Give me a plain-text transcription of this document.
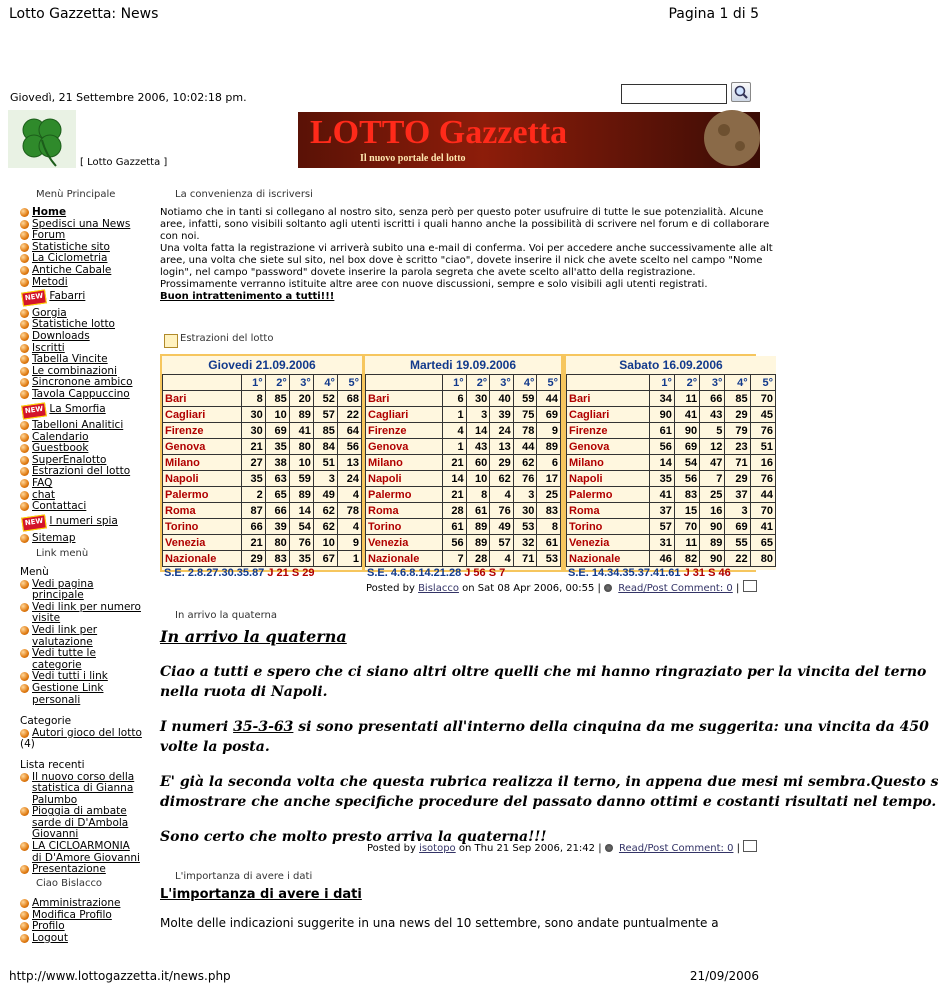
Lotto Gazzetta: News	Pagina 1 di 5
Giovedì, 21 Settembre 2006, 10:02:18 pm.
[ Lotto Gazzetta ]
LOTTO Gazzetta
Il nuovo portale del lotto
Menù Principale
Home
Spedisci una News
Forum
Statistiche sito
La Ciclometria
Antiche Cabale
Metodi
NEW Fabarri
Gorgia
Statistiche lotto
Downloads
Iscritti
Tabella Vincite
Le combinazioni
Sincronone ambico
Tavola Cappuccino
NEW La Smorfia
Tabelloni Analitici
Calendario
Guestbook
SuperEnalotto
Estrazioni del lotto
FAQ
chat
Contattaci
NEW I numeri spia
Sitemap
Link menù
Menù
Vedi pagina principale
Vedi link per numero visite
Vedi link per valutazione
Vedi tutte le categorie
Vedi tutti i link
Gestione Link personali
Categorie
Autori gioco del lotto
(4)
Lista recenti
Il nuovo corso della statistica di Gianna Palumbo
Pioggia di ambate sarde di D'Ambola Giovanni
LA CICLOARMONIA di D'Amore Giovanni
Presentazione
Ciao Bislacco
Amministrazione
Modifica Profilo
Profilo
Logout
La convenienza di iscriversi
Notiamo che in tanti si collegano al nostro sito, senza però per questo poter usufruire di tutte le sue potenzialità. Alcune
aree, infatti, sono visibili soltanto agli utenti iscritti i quali hanno anche la possibilità di scrivere nel forum e di collaborare
con noi.
Una volta fatta la registrazione vi arriverà subito una e-mail di conferma. Voi per accedere anche successivamente alle alt
aree, una volta che siete sul sito, nel box dove è scritto "ciao", dovete inserire il nick che avete scelto nel campo "Nome
login", nel campo "password" dovete inserire la parola segreta che avete scelto all'atto della registrazione.
Prossimamente verranno istituite altre aree con nuove discussioni, sempre e solo visibili agli utenti registrati.
Buon intrattenimento a tutti!!!
Estrazioni del lotto
Giovedi 21.09.2006
	1°	2°	3°	4°	5°
Bari	8	85	20	52	68
Cagliari	30	10	89	57	22
Firenze	30	69	41	85	64
Genova	21	35	80	84	56
Milano	27	38	10	51	13
Napoli	35	63	59	3	24
Palermo	2	65	89	49	4
Roma	87	66	14	62	78
Torino	66	39	54	62	4
Venezia	21	80	76	10	9
Nazionale	29	83	35	67	1
S.E. 2.8.27.30.35.87 J 21 S 29
Martedi 19.09.2006
	1°	2°	3°	4°	5°
Bari	6	30	40	59	44
Cagliari	1	3	39	75	69
Firenze	4	14	24	78	9
Genova	1	43	13	44	89
Milano	21	60	29	62	6
Napoli	14	10	62	76	17
Palermo	21	8	4	3	25
Roma	28	61	76	30	83
Torino	61	89	49	53	8
Venezia	56	89	57	32	61
Nazionale	7	28	4	71	53
S.E. 4.6.8.14.21.28 J 56 S 7
Sabato 16.09.2006
	1°	2°	3°	4°	5°
Bari	34	11	66	85	70
Cagliari	90	41	43	29	45
Firenze	61	90	5	79	76
Genova	56	69	12	23	51
Milano	14	54	47	71	16
Napoli	35	56	7	29	76
Palermo	41	83	25	37	44
Roma	37	15	16	3	70
Torino	57	70	90	69	41
Venezia	31	11	89	55	65
Nazionale	46	82	90	22	80
S.E. 14.34.35.37.41.61 J 31 S 46
Posted by Bislacco on Sat 08 Apr 2006, 00:55 | Read/Post Comment: 0 |
In arrivo la quaterna
In arrivo la quaterna
Ciao a tutti e spero che ci siano altri oltre quelli che mi hanno ringraziato per la vincita del terno
nella ruota di Napoli.
I numeri 35-3-63 si sono presentati all'interno della cinquina da me suggerita: una vincita da 450
volte la posta.
E' già la seconda volta che questa rubrica realizza il terno, in appena due mesi mi sembra.Questo s
dimostrare che anche specifiche procedure del passato danno ottimi e costanti risultati nel tempo.
Sono certo che molto presto arriva la quaterna!!!
Posted by isotopo on Thu 21 Sep 2006, 21:42 | Read/Post Comment: 0 |
L'importanza di avere i dati
L'importanza di avere i dati
Molte delle indicazioni suggerite in una news del 10 settembre, sono andate puntualmente a
http://www.lottogazzetta.it/news.php	21/09/2006
